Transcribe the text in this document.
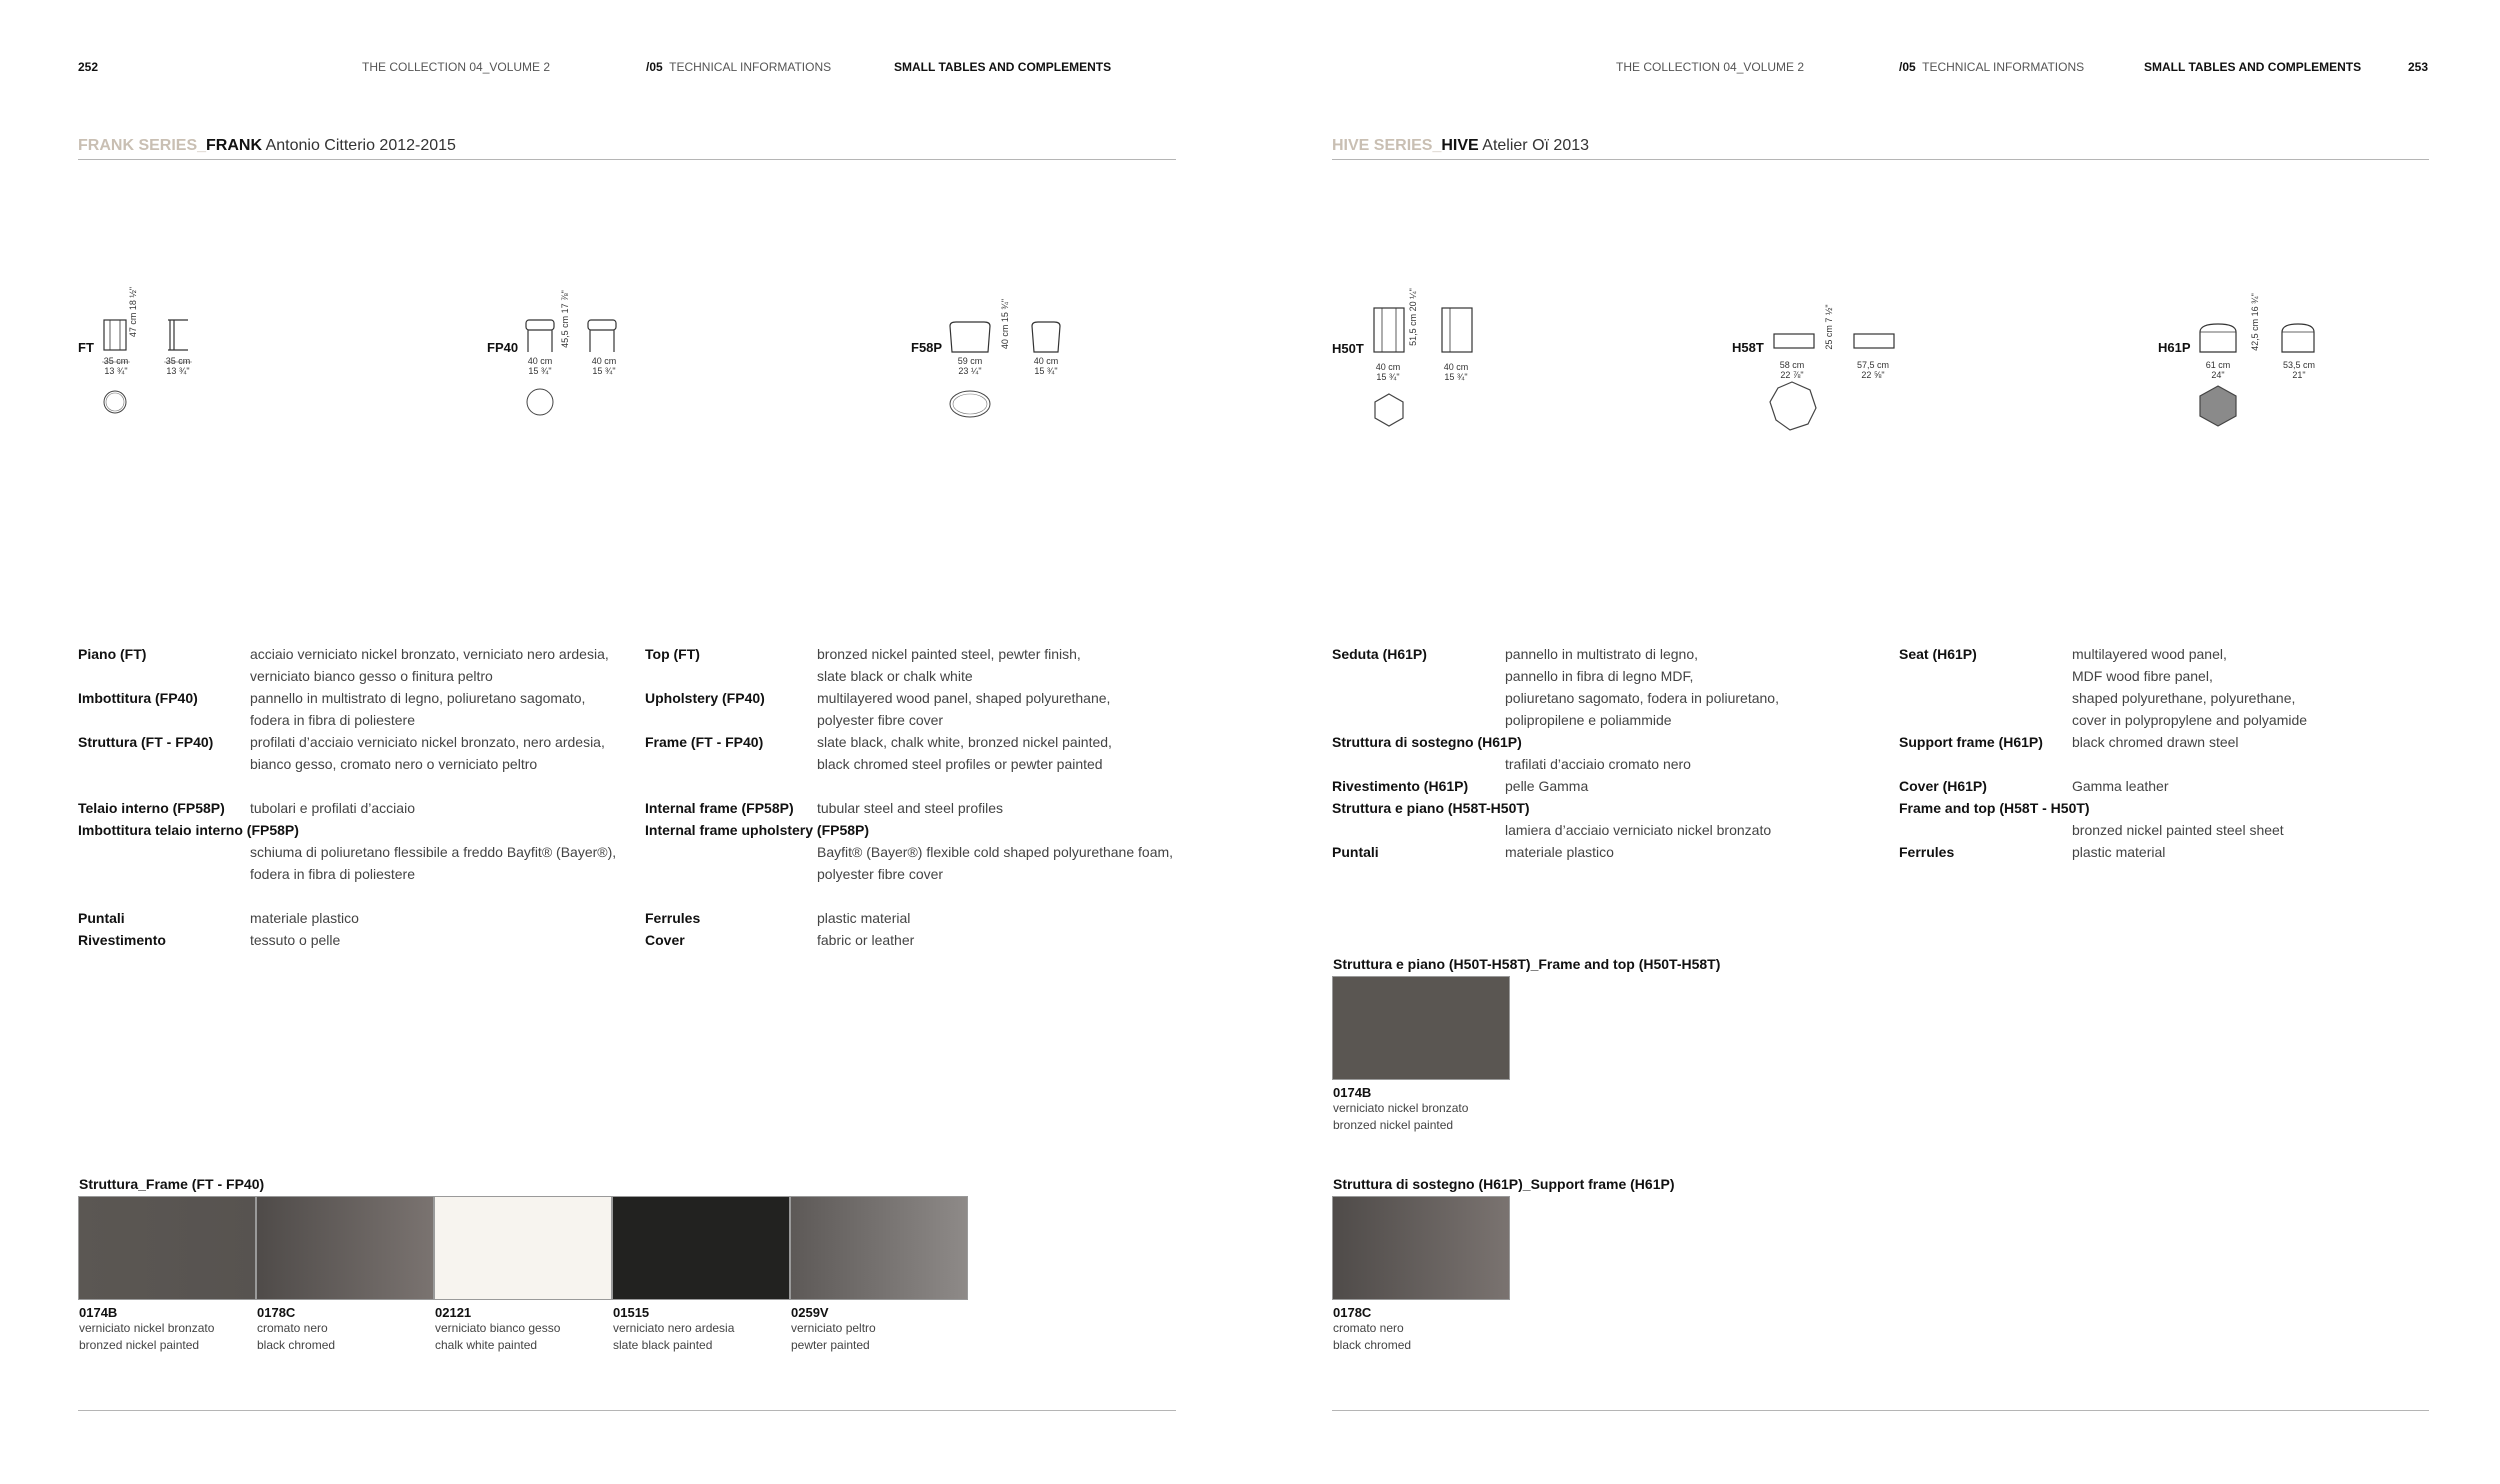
252	THE COLLECTION 04_VOLUME 2	/05 TECHNICAL INFORMATIONS	SMALL TABLES AND COMPLEMENTS
FRANK SERIES_FRANK Antonio Citterio 2012-2015
FT
35 cm
13 ¾"
35 cm
13 ¾"
47 cm 18 ½"
FP40
40 cm
15 ¾"
40 cm
15 ¾"
45,5 cm 17 ⅞"
F58P
59 cm
23 ¼"
40 cm
15 ¾"
40 cm 15 ¾"
Piano (FT)	acciaio verniciato nickel bronzato, verniciato nero ardesia,
verniciato bianco gesso o finitura peltro
Imbottitura (FP40)	pannello in multistrato di legno, poliuretano sagomato,
fodera in fibra di poliestere
Struttura (FT - FP40)	profilati d’acciaio verniciato nickel bronzato, nero ardesia,
bianco gesso, cromato nero o verniciato peltro
Telaio interno (FP58P) tubolari e profilati d’acciaio
Imbottitura telaio interno (FP58P)
schiuma di poliuretano flessibile a freddo Bayfit® (Bayer®),
fodera in fibra di poliestere
Puntali	materiale plastico
Rivestimento	tessuto o pelle
Top (FT)	bronzed nickel painted steel, pewter finish,
slate black or chalk white
Upholstery (FP40)	multilayered wood panel, shaped polyurethane,
polyester fibre cover
Frame (FT - FP40)	slate black, chalk white, bronzed nickel painted,
black chromed steel profiles or pewter painted
Internal frame (FP58P) tubular steel and steel profiles
Internal frame upholstery (FP58P)
Bayfit® (Bayer®) flexible cold shaped polyurethane foam,
polyester fibre cover
Ferrules	plastic material
Cover	fabric or leather
Struttura_Frame (FT - FP40)
0174B
verniciato nickel bronzato
bronzed nickel painted
0178C
cromato nero
black chromed
02121
verniciato bianco gesso
chalk white painted
01515
verniciato nero ardesia
slate black painted
0259V
verniciato peltro
pewter painted
THE COLLECTION 04_VOLUME 2	/05 TECHNICAL INFORMATIONS	SMALL TABLES AND COMPLEMENTS	253
HIVE SERIES_HIVE Atelier Oï 2013
H50T
40 cm
15 ¾"
40 cm
15 ¾"
51,5 cm 20 ¼"
H58T
58 cm
22 ⅞"
57,5 cm
22 ⅝"
25 cm 7 ½"
H61P
61 cm
24"
53,5 cm
21"
42,5 cm 16 ¾"
Seduta (H61P)	pannello in multistrato di legno,
pannello in fibra di legno MDF,
poliuretano sagomato, fodera in poliuretano,
polipropilene e poliammide
Struttura di sostegno (H61P)
trafilati d’acciaio cromato nero
Rivestimento (H61P)	pelle Gamma
Struttura e piano (H58T-H50T)
lamiera d’acciaio verniciato nickel bronzato
Puntali	materiale plastico
Seat (H61P)	multilayered wood panel,
MDF wood fibre panel,
shaped polyurethane, polyurethane,
cover in polypropylene and polyamide
Support frame (H61P) black chromed drawn steel
Cover (H61P)	Gamma leather
Frame and top (H58T - H50T)
bronzed nickel painted steel sheet
Ferrules	plastic material
Struttura e piano (H50T-H58T)_Frame and top (H50T-H58T)
0174B
verniciato nickel bronzato
bronzed nickel painted
Struttura di sostegno (H61P)_Support frame (H61P)
0178C
cromato nero
black chromed
